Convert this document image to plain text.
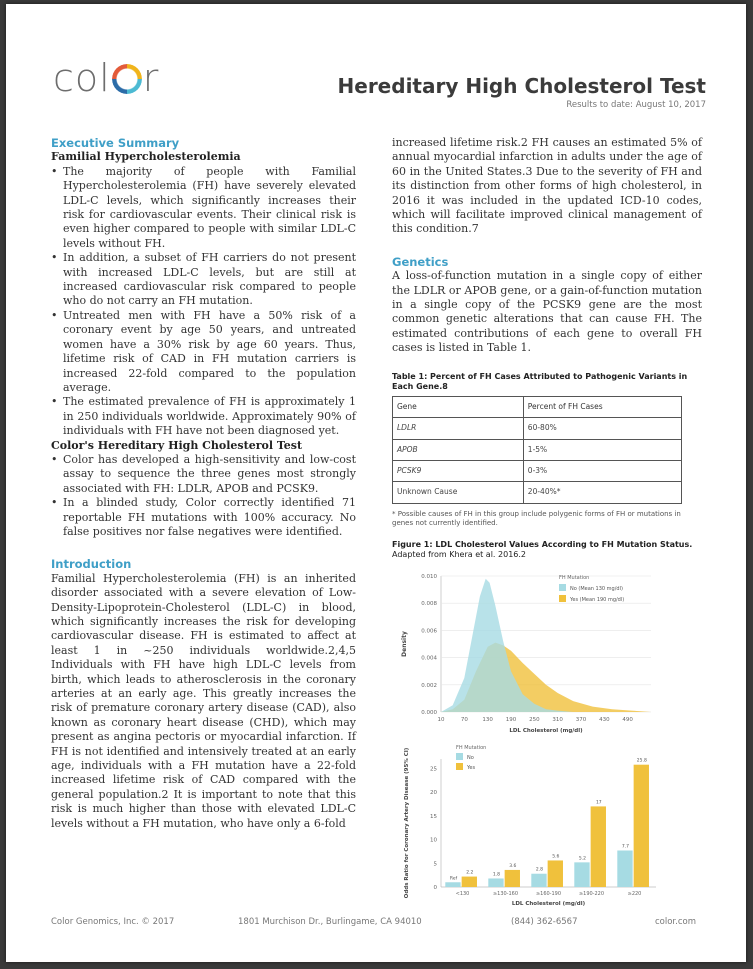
col r	Hereditary High Cholesterol Test
Results to date: August 10, 2017
Executive Summary
Familial Hypercholesterolemia
• The majority of people with Familial Hypercholesterolemia (FH) have severely elevated LDL-C levels, which significantly increases their risk for cardiovascular events. Their clinical risk is even higher compared to people with similar LDL-C levels without FH.
• In addition, a subset of FH carriers do not present with increased LDL-C levels, but are still at increased cardiovascular risk compared to people who do not carry an FH mutation.
• Untreated men with FH have a 50% risk of a coronary event by age 50 years, and untreated women have a 30% risk by age 60 years. Thus, lifetime risk of CAD in FH mutation carriers is increased 22-fold compared to the population average.
• The estimated prevalence of FH is approximately 1 in 250 individuals worldwide. Approximately 90% of individuals with FH have not been diagnosed yet.
Color's Hereditary High Cholesterol Test
• Color has developed a high-sensitivity and low-cost assay to sequence the three genes most strongly associated with FH: LDLR, APOB and PCSK9.
• In a blinded study, Color correctly identified 71 reportable FH mutations with 100% accuracy. No false positives nor false negatives were identified.
Introduction

Familial Hypercholesterolemia (FH) is an inherited disorder associated with a severe elevation of Low-Density-Lipoprotein-Cholesterol (LDL-C) in blood, which significantly increases the risk for developing cardiovascular disease. FH is estimated to affect at least 1 in ~250 individuals worldwide.2,4,5 Individuals with FH have high LDL-C levels from birth, which leads to atherosclerosis in the coronary arteries at an early age. This greatly increases the risk of premature coronary artery disease (CAD), also known as coronary heart disease (CHD), which may present as angina pectoris or myocardial infarction. If FH is not identified and intensively treated at an early age, individuals with a FH mutation have a 22-fold increased lifetime risk of CAD compared with the general population.2 It is important to note that this risk is much higher than those with elevated LDL-C levels without a FH mutation, who have only a 6-fold

increased lifetime risk.2 FH causes an estimated 5% of annual myocardial infarction in adults under the age of 60 in the United States.3 Due to the severity of FH and its distinction from other forms of high cholesterol, in 2016 it was included in the updated ICD-10 codes, which will facilitate improved clinical management of this condition.7

Genetics

A loss-of-function mutation in a single copy of either the LDLR or APOB gene, or a gain-of-function mutation in a single copy of the PCSK9 gene are the most common genetic alterations that can cause FH. The estimated contributions of each gene to overall FH cases is listed in Table 1.

Table 1: Percent of FH Cases Attributed to Pathogenic Variants in Each Gene.8
Gene	Percent of FH Cases
LDLR	60-80%
APOB	1-5%
PCSK9	0-3%
Unknown Cause	20-40%*
* Possible causes of FH in this group include polygenic forms of FH or mutations in genes not currently identified.
Figure 1: LDL Cholesterol Values According to FH Mutation Status. Adapted from Khera et al. 2016.2
0.000
0.002
0.004
0.006
0.008
0.010
10	70	130 190 250 310 370 430 490
LDL Cholesterol (mg/dl)
Density
FH Mutation
No (Mean 130 mg/dl)
Yes (Mean 190 mg/dl)
0
5
10
15
20
25
Ref
2.2
<130
1.8
3.6
≥130-160
2.8
5.6
≥160-190
5.2
17
≥190-220
7.7
25.8
≥220
LDL Cholesterol (mg/dl)
Odds Ratio for Coronary Artery Disease (95% CI)	FH Mutation
No
Yes
Color Genomics, Inc. © 2017	1801 Murchison Dr., Burlingame, CA 94010	(844) 362-6567	color.com
